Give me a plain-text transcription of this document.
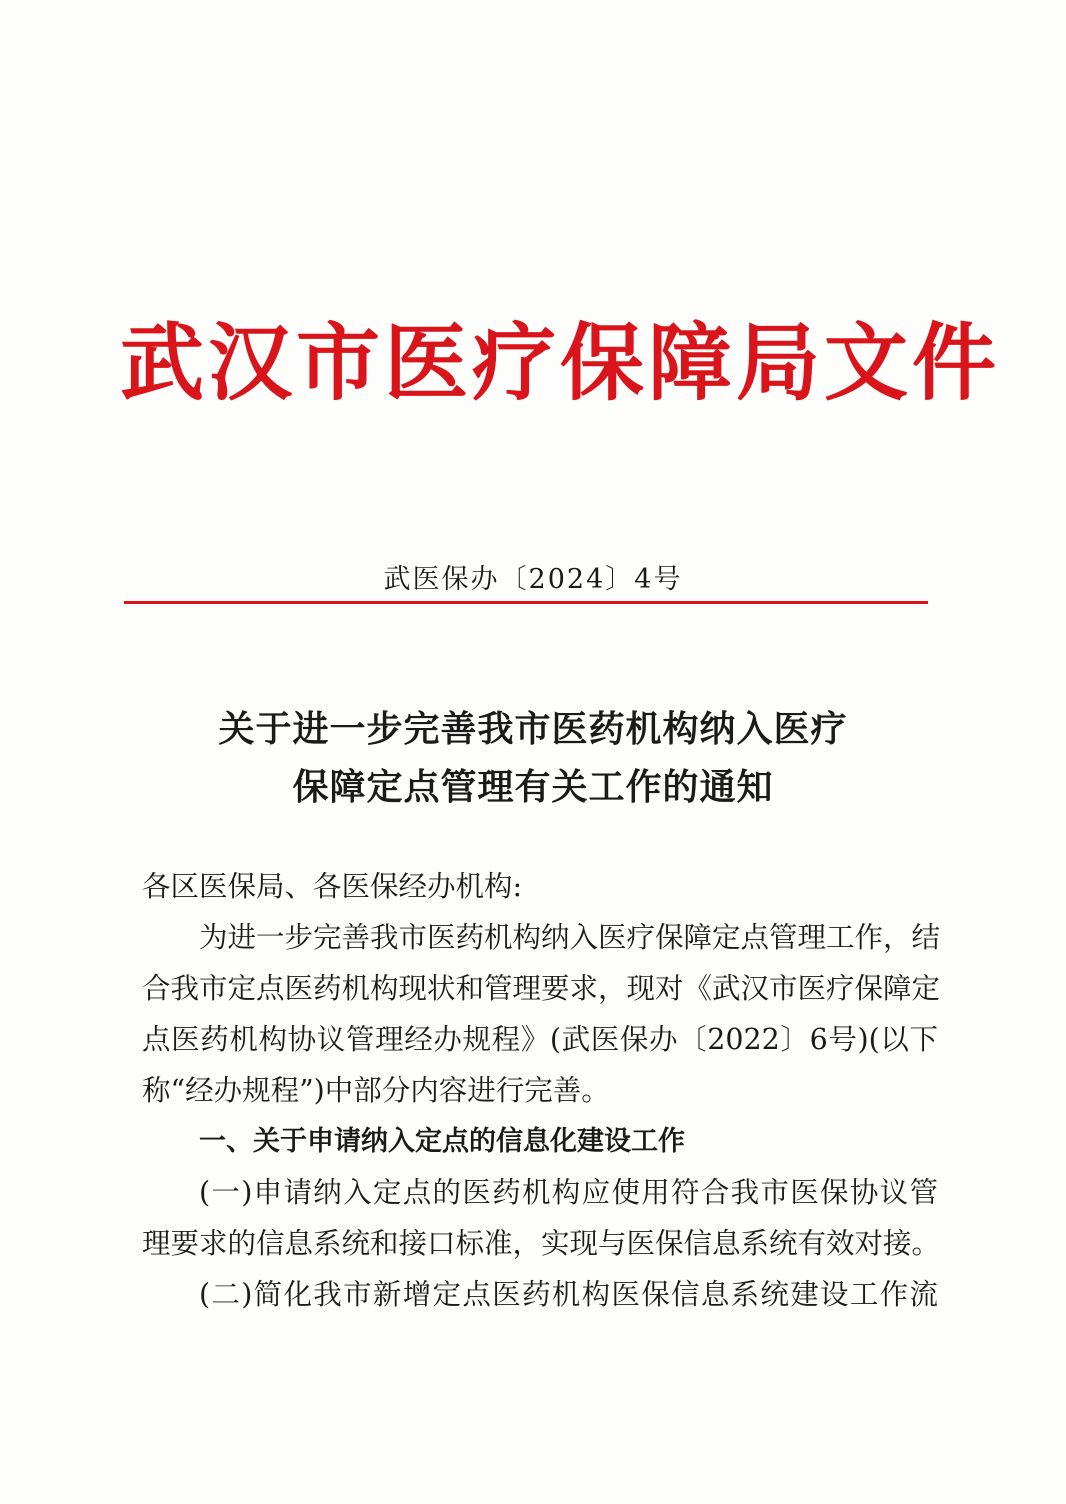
武汉市医疗保障局文件
武医保办〔2024〕4号
关于进一步完善我市医药机构纳入医疗
保障定点管理有关工作的通知
各区医保局、各医保经办机构:
为进一步完善我市医药机构纳入医疗保障定点管理工作，结
合我市定点医药机构现状和管理要求，现对《武汉市医疗保障定
点医药机构协议管理经办规程》(武医保办〔2022〕6号)(以下
称“经办规程”)中部分内容进行完善。
一、关于申请纳入定点的信息化建设工作
(一)申请纳入定点的医药机构应使用符合我市医保协议管
理要求的信息系统和接口标准，实现与医保信息系统有效对接。
(二)简化我市新增定点医药机构医保信息系统建设工作流
